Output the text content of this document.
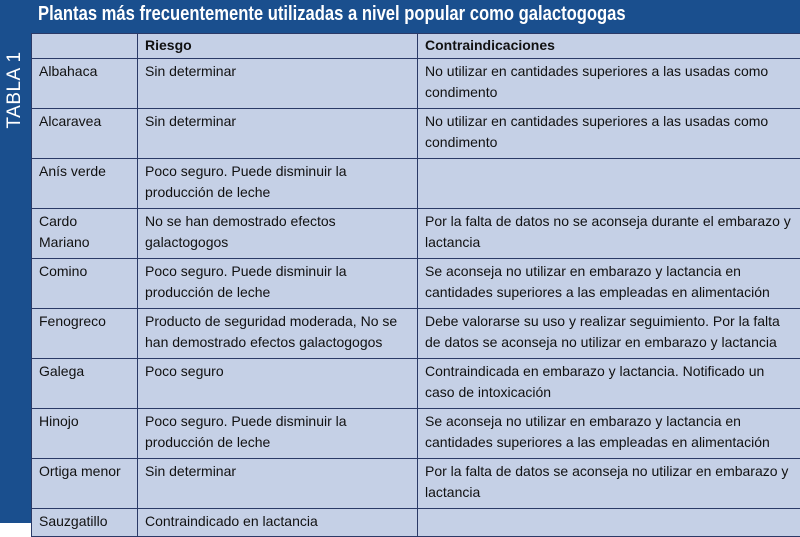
TABLA 1
Plantas más frecuentemente utilizadas a nivel popular como galactogogas
	Riesgo	Contraindicaciones
Albahaca	Sin determinar	No utilizar en cantidades superiores a las usadas como condimento
Alcaravea	Sin determinar	No utilizar en cantidades superiores a las usadas como condimento
Anís verde	Poco seguro. Puede disminuir la producción de leche	
Cardo Mariano	No se han demostrado efectos galactogogos	Por la falta de datos no se aconseja durante el embarazo y lactancia
Comino	Poco seguro. Puede disminuir la producción de leche	Se aconseja no utilizar en embarazo y lactancia en cantidades superiores a las empleadas en alimentación
Fenogreco	Producto de seguridad moderada, No se han demostrado efectos galactogogos	Debe valorarse su uso y realizar seguimiento. Por la falta de datos se aconseja no utilizar en embarazo y lactancia
Galega	Poco seguro	Contraindicada en embarazo y lactancia. Notificado un caso de intoxicación
Hinojo	Poco seguro. Puede disminuir la producción de leche	Se aconseja no utilizar en embarazo y lactancia en cantidades superiores a las empleadas en alimentación
Ortiga menor	Sin determinar	Por la falta de datos se aconseja no utilizar en embarazo y lactancia
Sauzgatillo	Contraindicado en lactancia	
